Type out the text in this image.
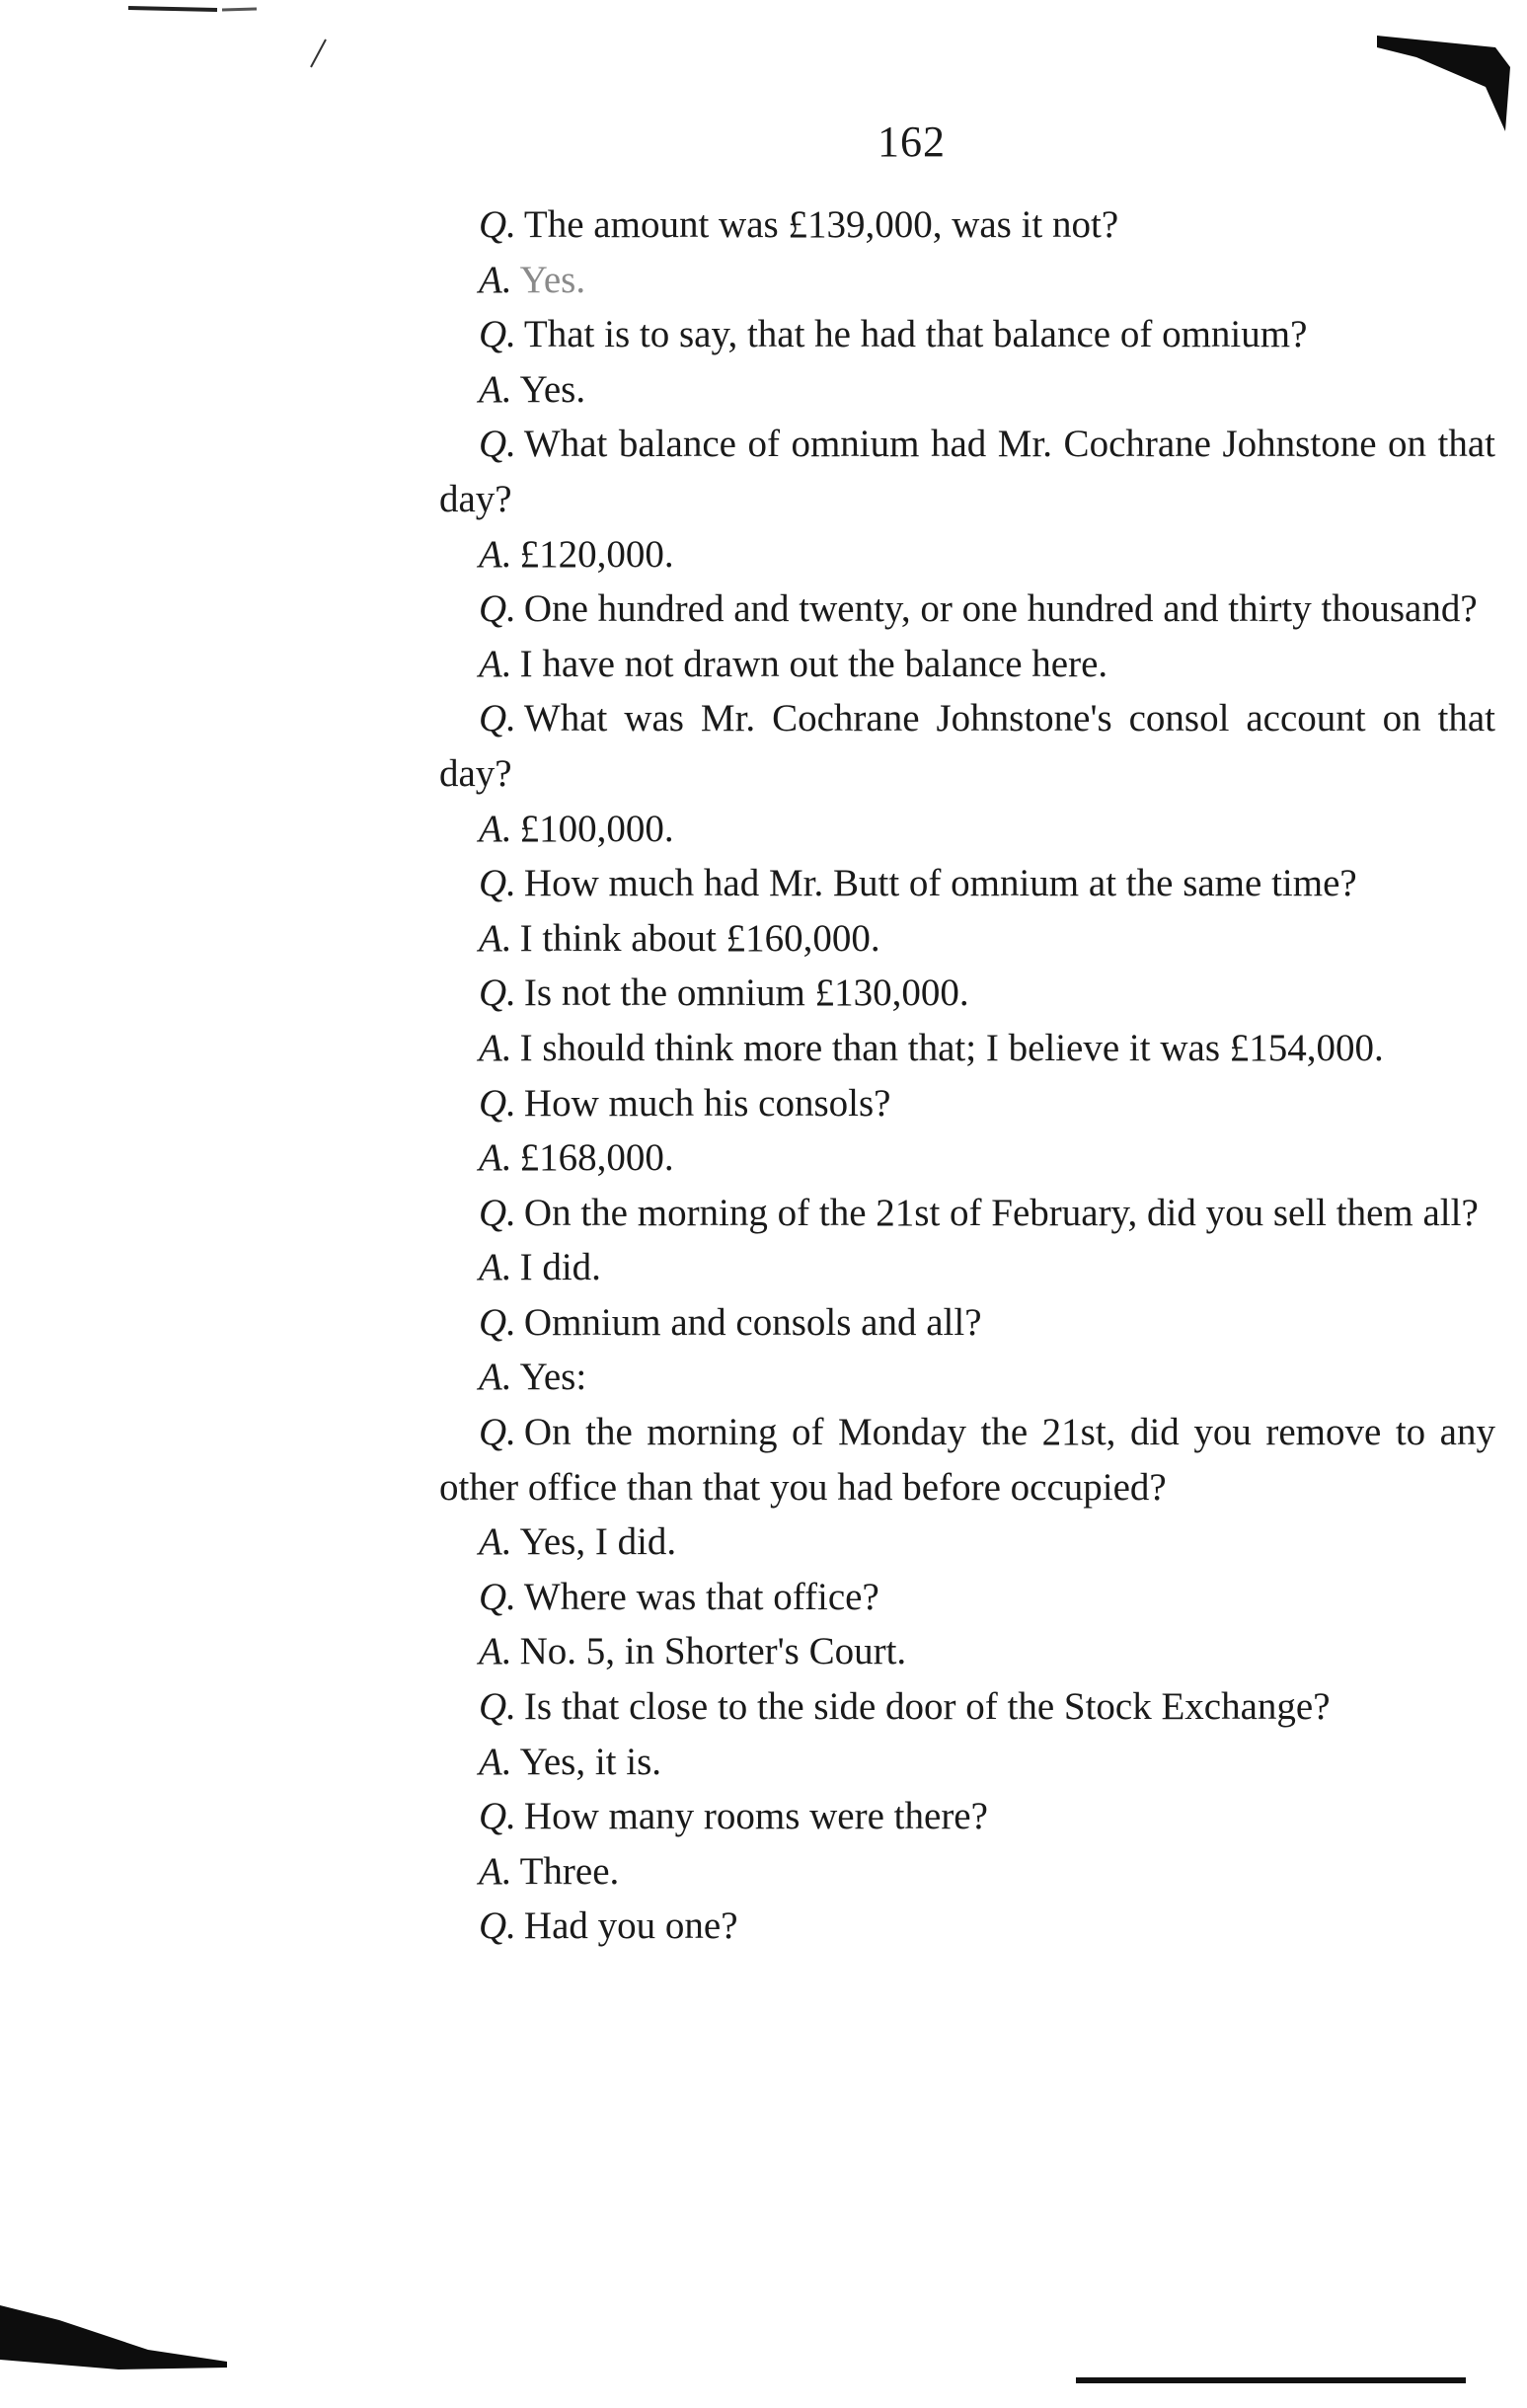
162

Q. The amount was £139,000, was it not?

A. Yes.

Q. That is to say, that he had that balance of omnium?

A. Yes.

Q. What balance of omnium had Mr. Cochrane Johnstone on that day?

A. £120,000.

Q. One hundred and twenty, or one hundred and thirty thousand?

A. I have not drawn out the balance here.

Q. What was Mr. Cochrane Johnstone's consol account on that day?

A. £100,000.

Q. How much had Mr. Butt of omnium at the same time?

A. I think about £160,000.

Q. Is not the omnium £130,000.

A. I should think more than that; I believe it was £154,000.

Q. How much his consols?

A. £168,000.

Q. On the morning of the 21st of February, did you sell them all?

A. I did.

Q. Omnium and consols and all?

A. Yes:

Q. On the morning of Monday the 21st, did you remove to any other office than that you had before occupied?

A. Yes, I did.

Q. Where was that office?

A. No. 5, in Shorter's Court.

Q. Is that close to the side door of the Stock Exchange?

A. Yes, it is.

Q. How many rooms were there?

A. Three.

Q. Had you one?
